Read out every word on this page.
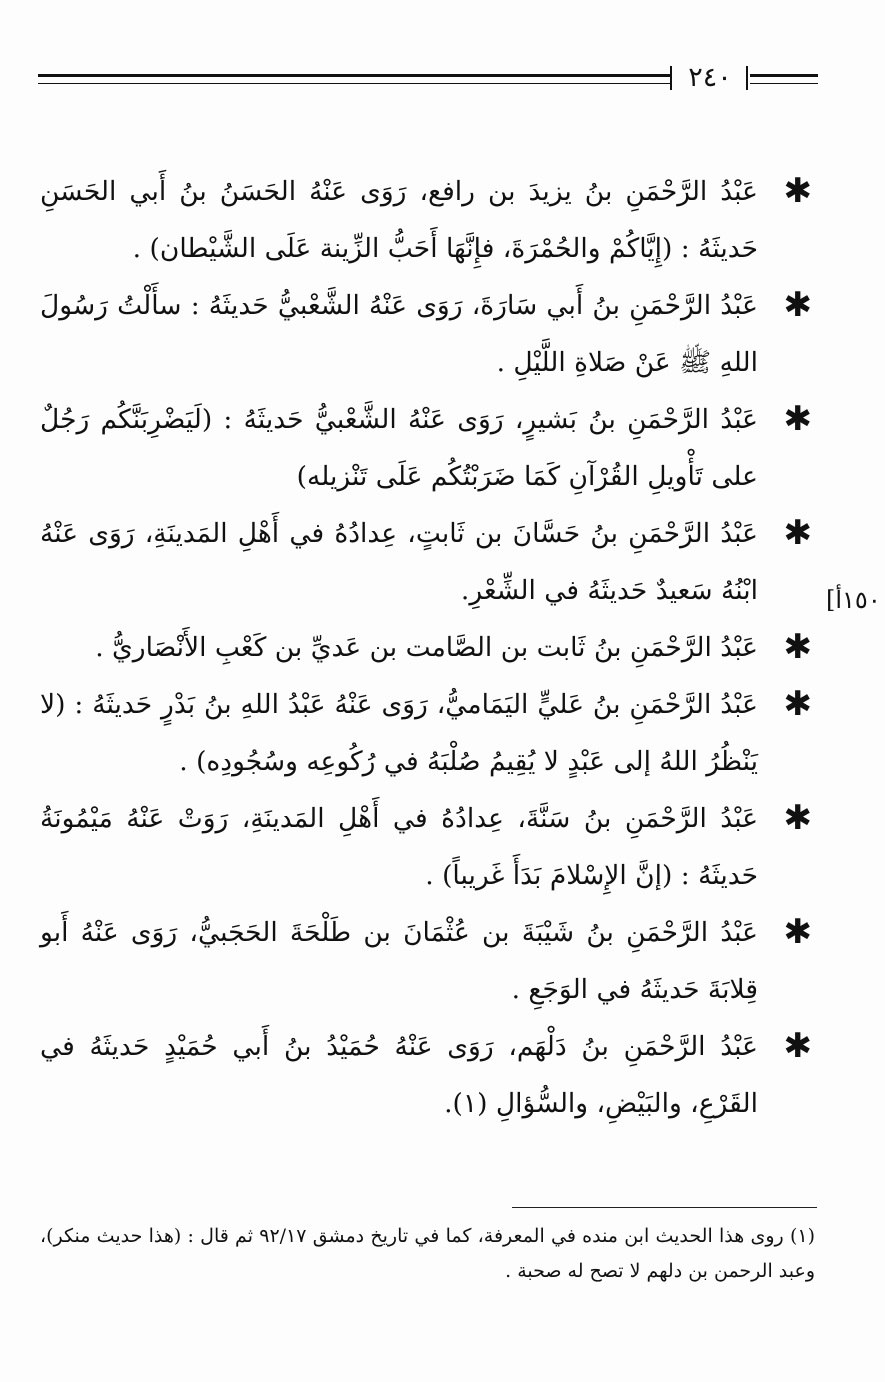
٢٤٠
✱
عَبْدُ الرَّحْمَنِ بنُ يزيدَ بن رافع، رَوَى عَنْهُ الحَسَنُ بنُ أَبي الحَسَنِ حَديثَهُ : (إِيَّاكُمْ والحُمْرَةَ، فإِنَّهَا أَحَبُّ الزِّينة عَلَى الشَّيْطان) .
✱
عَبْدُ الرَّحْمَنِ بنُ أَبي سَارَةَ، رَوَى عَنْهُ الشَّعْبيُّ حَديثَهُ : سأَلْتُ رَسُولَ اللهِ ﷺ عَنْ صَلاةِ اللَّيْلِ .
✱
عَبْدُ الرَّحْمَنِ بنُ بَشيرٍ، رَوَى عَنْهُ الشَّعْبيُّ حَديثَهُ : (لَيَضْرِبَنَّكُم رَجُلٌ على تَأْويلِ القُرْآنِ كَمَا ضَرَبْتُكُم عَلَى تَنْزيله)
✱
عَبْدُ الرَّحْمَنِ بنُ حَسَّانَ بن ثَابتٍ، عِدادُهُ في أَهْلِ المَدينَةِ، رَوَى عَنْهُ ابْنُهُ سَعيدٌ حَديثَهُ في الشِّعْرِ.
✱
عَبْدُ الرَّحْمَنِ بنُ ثَابت بن الصَّامت بن عَديِّ بن كَعْبِ الأَنْصَاريُّ .
✱
عَبْدُ الرَّحْمَنِ بنُ عَليٍّ اليَمَاميُّ، رَوَى عَنْهُ عَبْدُ اللهِ بنُ بَدْرٍ حَديثَهُ : (لا يَنْظُرُ اللهُ إلى عَبْدٍ لا يُقِيمُ صُلْبَهُ في رُكُوعِه وسُجُودِه) .
✱
عَبْدُ الرَّحْمَنِ بنُ سَنَّةَ، عِدادُهُ في أَهْلِ المَدينَةِ، رَوَتْ عَنْهُ مَيْمُونَةُ حَديثَهُ : (إنَّ الإِسْلامَ بَدَأَ غَريباً) .
✱
عَبْدُ الرَّحْمَنِ بنُ شَيْبَةَ بن عُثْمَانَ بن طَلْحَةَ الحَجَبيُّ، رَوَى عَنْهُ أَبو قِلابَةَ حَديثَهُ في الوَجَعِ .
✱
عَبْدُ الرَّحْمَنِ بنُ دَلْهَم، رَوَى عَنْهُ حُمَيْدُ بنُ أَبي حُمَيْدٍ حَديثَهُ في القَرْعِ، والبَيْضِ، والسُّؤالِ (١).
١٥٠أ]
(١) روى هذا الحديث ابن منده في المعرفة، كما في تاريخ دمشق ٩٢/١٧ ثم قال : (هذا حديث منكر)، وعبد الرحمن بن دلهم لا تصح له صحبة .
